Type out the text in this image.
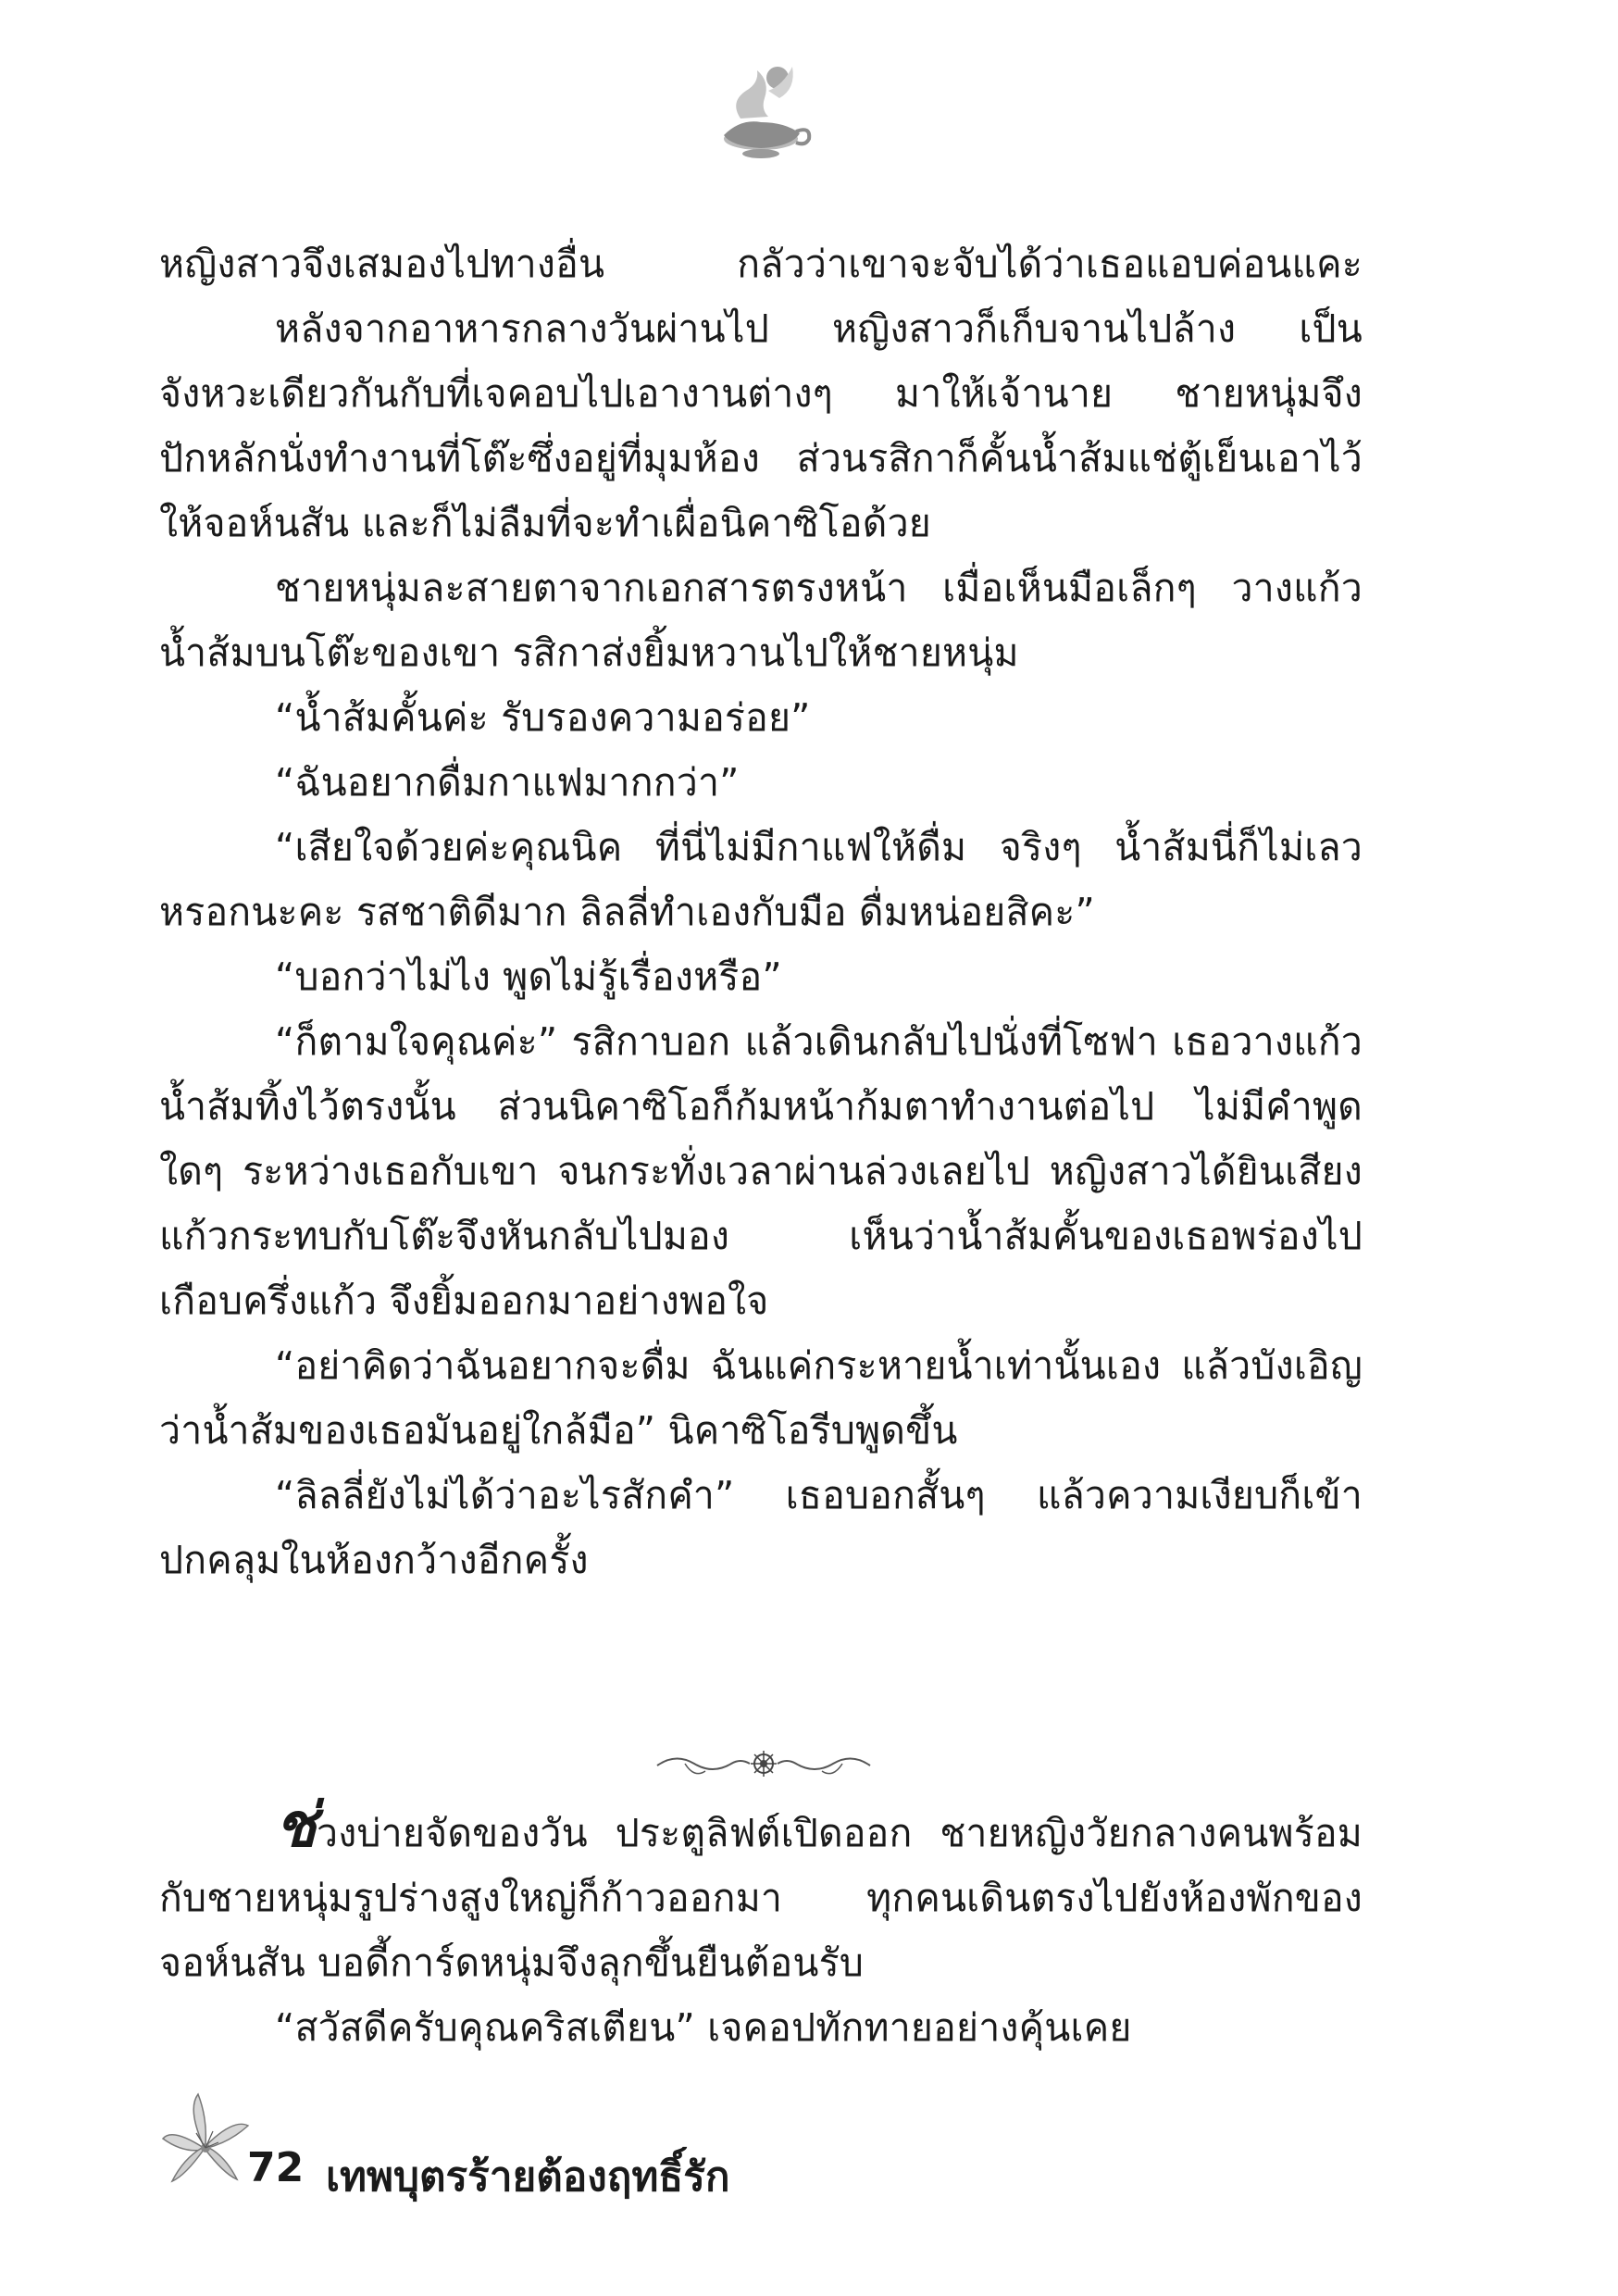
หญิงสาวจึงเสมองไปทางอื่น กลัวว่าเขาจะจับได้ว่าเธอแอบค่อนแคะ
หลังจากอาหารกลางวันผ่านไป หญิงสาวก็เก็บจานไปล้าง เป็น
จังหวะเดียวกันกับที่เจคอบไปเอางานต่างๆ มาให้เจ้านาย ชายหนุ่มจึง
ปักหลักนั่งทำงานที่โต๊ะซึ่งอยู่ที่มุมห้อง ส่วนรสิกาก็คั้นน้ำส้มแช่ตู้เย็นเอาไว้
ให้จอห์นสัน และก็ไม่ลืมที่จะทำเผื่อนิคาซิโอด้วย
ชายหนุ่มละสายตาจากเอกสารตรงหน้า เมื่อเห็นมือเล็กๆ วางแก้ว
น้ำส้มบนโต๊ะของเขา รสิกาส่งยิ้มหวานไปให้ชายหนุ่ม
“น้ำส้มคั้นค่ะ รับรองความอร่อย”
“ฉันอยากดื่มกาแฟมากกว่า”
“เสียใจด้วยค่ะคุณนิค ที่นี่ไม่มีกาแฟให้ดื่ม จริงๆ น้ำส้มนี่ก็ไม่เลว
หรอกนะคะ รสชาติดีมาก ลิลลี่ทำเองกับมือ ดื่มหน่อยสิคะ”
“บอกว่าไม่ไง พูดไม่รู้เรื่องหรือ”
“ก็ตามใจคุณค่ะ” รสิกาบอก แล้วเดินกลับไปนั่งที่โซฟา เธอวางแก้ว
น้ำส้มทิ้งไว้ตรงนั้น ส่วนนิคาซิโอก็ก้มหน้าก้มตาทำงานต่อไป ไม่มีคำพูด
ใดๆ ระหว่างเธอกับเขา จนกระทั่งเวลาผ่านล่วงเลยไป หญิงสาวได้ยินเสียง
แก้วกระทบกับโต๊ะจึงหันกลับไปมอง เห็นว่าน้ำส้มคั้นของเธอพร่องไป
เกือบครึ่งแก้ว จึงยิ้มออกมาอย่างพอใจ
“อย่าคิดว่าฉันอยากจะดื่ม ฉันแค่กระหายน้ำเท่านั้นเอง แล้วบังเอิญ
ว่าน้ำส้มของเธอมันอยู่ใกล้มือ” นิคาซิโอรีบพูดขึ้น
“ลิลลี่ยังไม่ได้ว่าอะไรสักคำ” เธอบอกสั้นๆ แล้วความเงียบก็เข้า
ปกคลุมในห้องกว้างอีกครั้ง
ช่วงบ่ายจัดของวัน ประตูลิฟต์เปิดออก ชายหญิงวัยกลางคนพร้อม
กับชายหนุ่มรูปร่างสูงใหญ่ก็ก้าวออกมา ทุกคนเดินตรงไปยังห้องพักของ
จอห์นสัน บอดี้การ์ดหนุ่มจึงลุกขึ้นยืนต้อนรับ
“สวัสดีครับคุณคริสเตียน” เจคอปทักทายอย่างคุ้นเคย
72 เทพบุตรร้ายต้องฤทธิ์รัก
